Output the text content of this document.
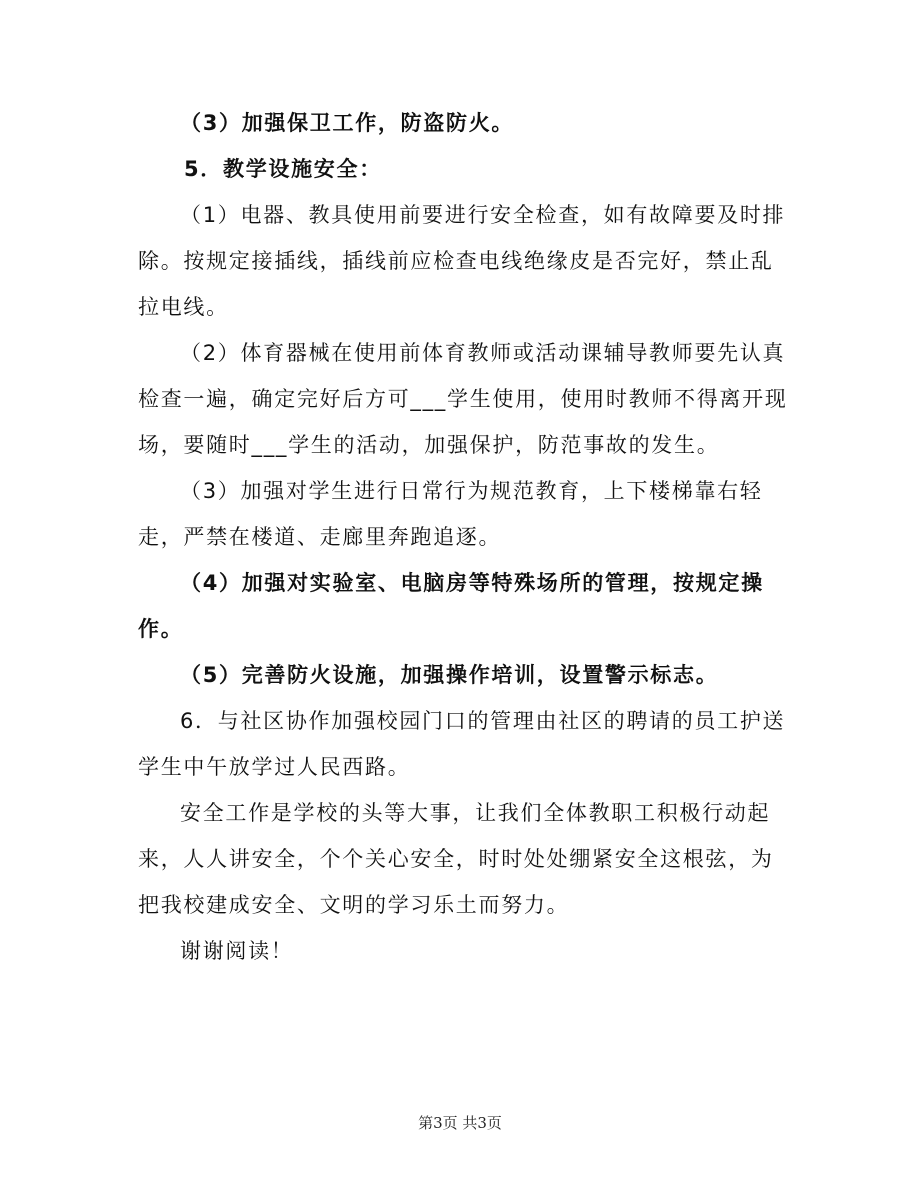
（3）加强保卫工作，防盗防火。

5．教学设施安全：

（1）电器、教具使用前要进行安全检查，如有故障要及时排除。按规定接插线，插线前应检查电线绝缘皮是否完好，禁止乱拉电线。

（2）体育器械在使用前体育教师或活动课辅导教师要先认真检查一遍，确定完好后方可___学生使用，使用时教师不得离开现场，要随时___学生的活动，加强保护，防范事故的发生。

（3）加强对学生进行日常行为规范教育，上下楼梯靠右轻走，严禁在楼道、走廊里奔跑追逐。

（4）加强对实验室、电脑房等特殊场所的管理，按规定操作。

（5）完善防火设施，加强操作培训，设置警示标志。

6．与社区协作加强校园门口的管理由社区的聘请的员工护送学生中午放学过人民西路。

安全工作是学校的头等大事，让我们全体教职工积极行动起来，人人讲安全，个个关心安全，时时处处绷紧安全这根弦，为把我校建成安全、文明的学习乐土而努力。

谢谢阅读！

第3页 共3页
